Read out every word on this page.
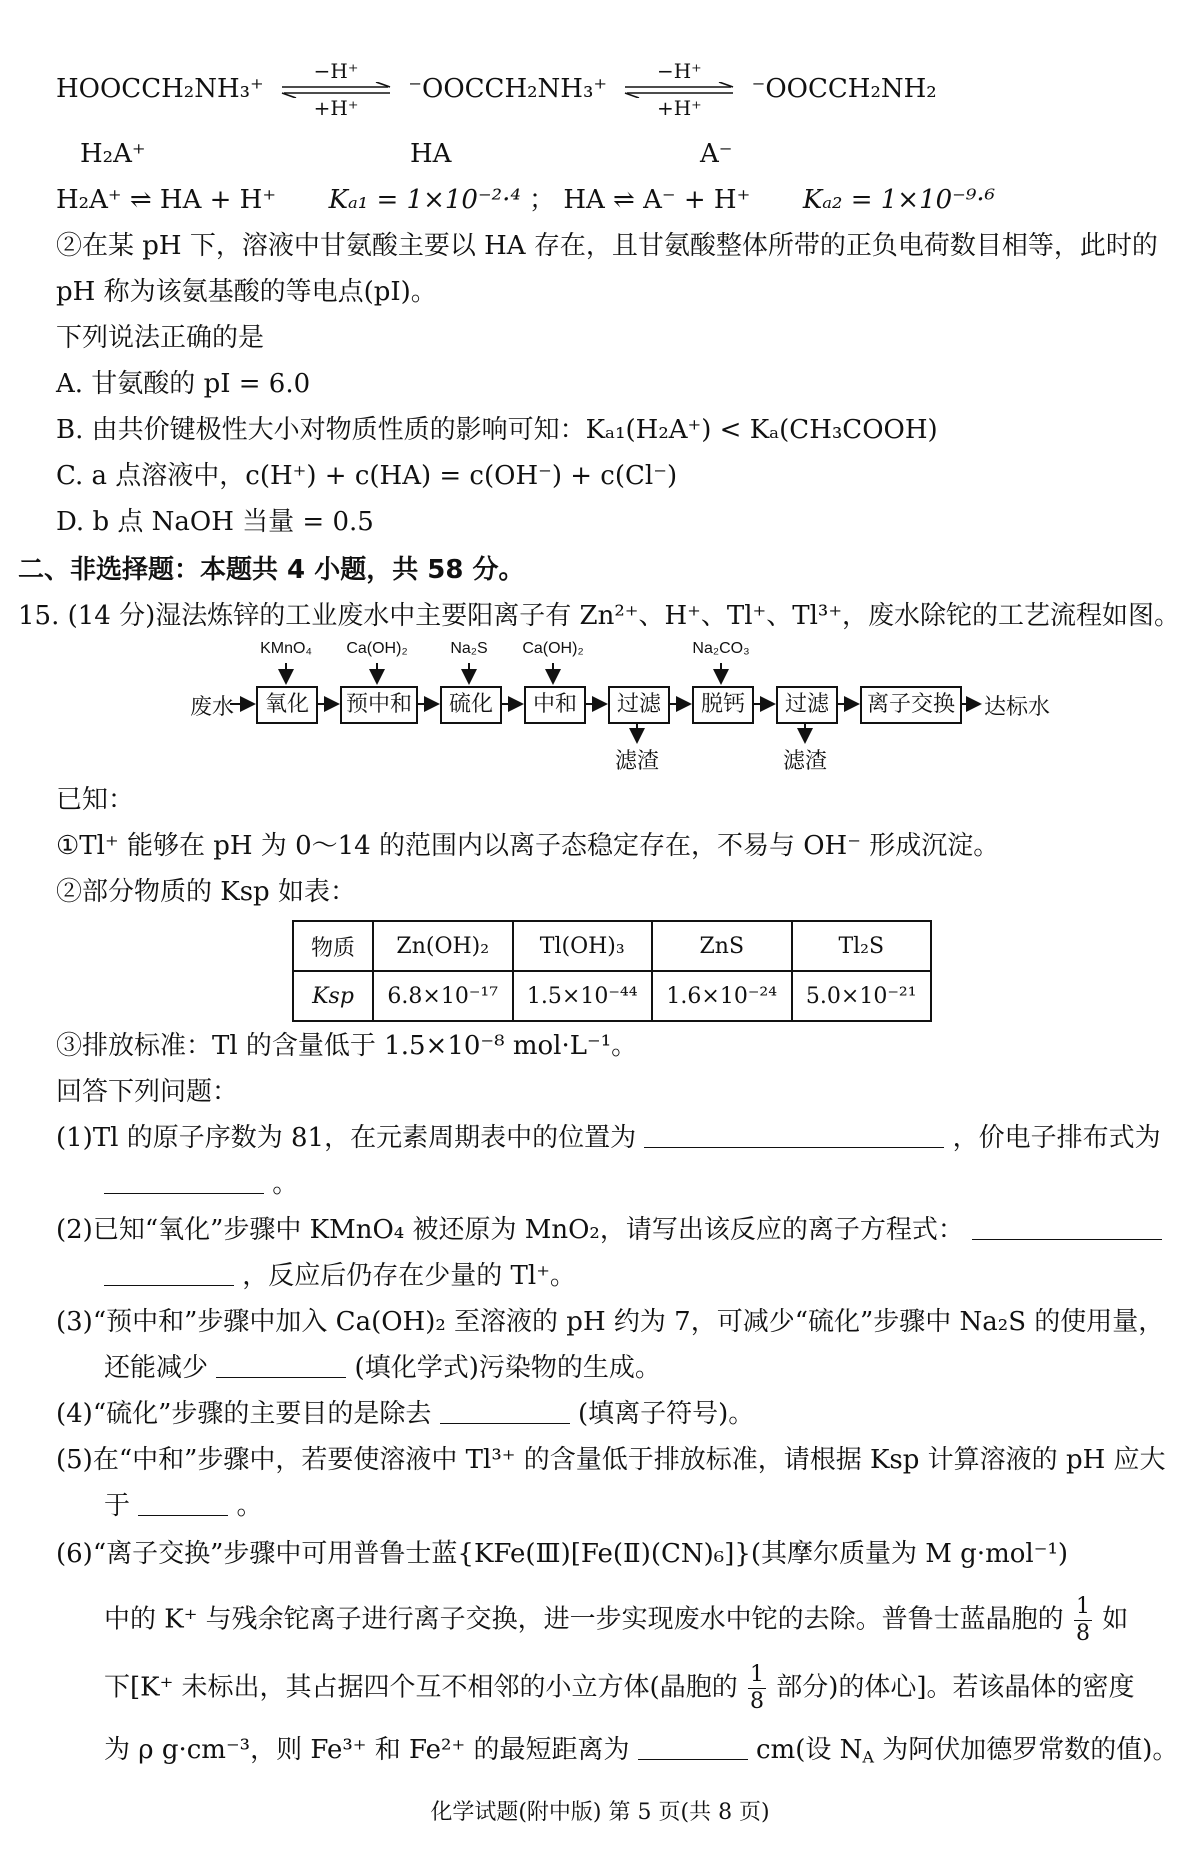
HOOCCH₂NH₃⁺
−H⁺
+H⁺
⁻OOCCH₂NH₃⁺
−H⁺
+H⁺
⁻OOCCH₂NH₂
H₂A⁺	HA	A⁻
H₂A⁺ ⇌ HA + H⁺ Kₐ₁ = 1×10⁻²·⁴ ； HA ⇌ A⁻ + H⁺ Kₐ₂ = 1×10⁻⁹·⁶
②在某 pH 下，溶液中甘氨酸主要以 HA 存在，且甘氨酸整体所带的正负电荷数目相等，此时的
pH 称为该氨基酸的等电点(pI)。
下列说法正确的是
A. 甘氨酸的 pI = 6.0
B. 由共价键极性大小对物质性质的影响可知：Kₐ₁(H₂A⁺) < Kₐ(CH₃COOH)
C. a 点溶液中，c(H⁺) + c(HA) = c(OH⁻) + c(Cl⁻)
D. b 点 NaOH 当量 = 0.5
二、非选择题：本题共 4 小题，共 58 分。
15. (14 分)湿法炼锌的工业废水中主要阳离子有 Zn²⁺、H⁺、Tl⁺、Tl³⁺，废水除铊的工艺流程如图。
废水	氧化	预中和	硫化	中和	过滤	脱钙	过滤	离子交换	达标水
KMnO₄	Ca(OH)₂	Na₂S	Ca(OH)₂	Na₂CO₃
滤渣	滤渣
已知：
①Tl⁺ 能够在 pH 为 0～14 的范围内以离子态稳定存在，不易与 OH⁻ 形成沉淀。
②部分物质的 Ksp 如表：
物质	Zn(OH)₂	Tl(OH)₃	ZnS	Tl₂S
Ksp	6.8×10⁻¹⁷	1.5×10⁻⁴⁴	1.6×10⁻²⁴	5.0×10⁻²¹
③排放标准：Tl 的含量低于 1.5×10⁻⁸ mol·L⁻¹。
回答下列问题：
(1)Tl 的原子序数为 81，在元素周期表中的位置为	，价电子排布式为
。
(2)已知“氧化”步骤中 KMnO₄ 被还原为 MnO₂，请写出该反应的离子方程式：
，反应后仍存在少量的 Tl⁺。
(3)“预中和”步骤中加入 Ca(OH)₂ 至溶液的 pH 约为 7，可减少“硫化”步骤中 Na₂S 的使用量，
还能减少	(填化学式)污染物的生成。
(4)“硫化”步骤的主要目的是除去	(填离子符号)。
(5)在“中和”步骤中，若要使溶液中 Tl³⁺ 的含量低于排放标准，请根据 Ksp 计算溶液的 pH 应大
于	。
(6)“离子交换”步骤中可用普鲁士蓝{KFe(Ⅲ)[Fe(Ⅱ)(CN)₆]}(其摩尔质量为 M g·mol⁻¹)
中的 K⁺ 与残余铊离子进行离子交换，进一步实现废水中铊的去除。普鲁士蓝晶胞的 $\frac{1}{8}$ 如
下[K⁺ 未标出，其占据四个互不相邻的小立方体(晶胞的 $\frac{1}{8}$ 部分)的体心]。若该晶体的密度
为 ρ g·cm⁻³，则 Fe³⁺ 和 Fe²⁺ 的最短距离为	cm(设 $N_A$ 为阿伏加德罗常数的值)。
化学试题(附中版) 第 5 页(共 8 页)
